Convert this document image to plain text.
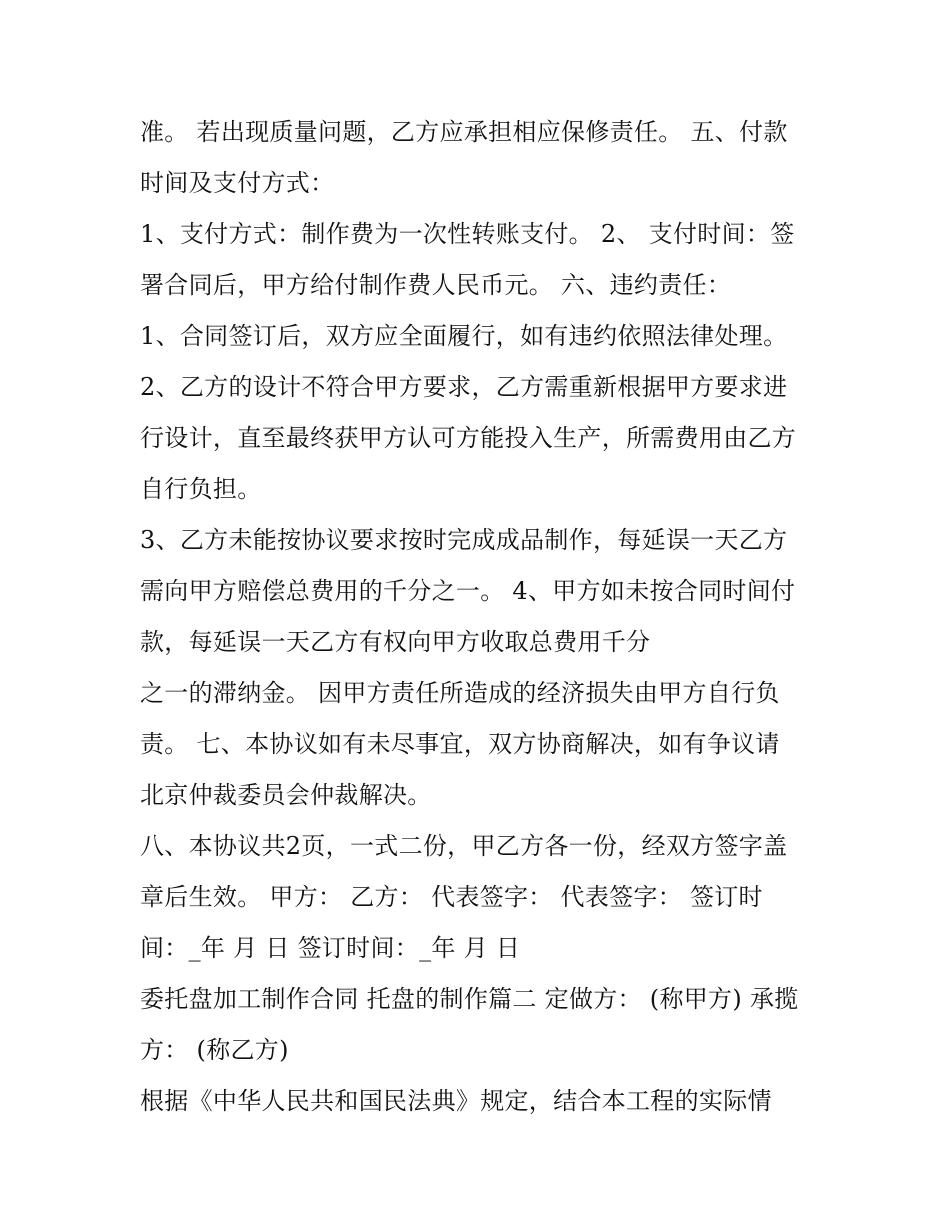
准。 若出现质量问题，乙方应承担相应保修责任。 五、付款
时间及支付方式：
1、支付方式：制作费为一次性转账支付。 2、 支付时间：签
署合同后，甲方给付制作费人民币元。 六、违约责任：
1、合同签订后，双方应全面履行，如有违约依照法律处理。
2、乙方的设计不符合甲方要求，乙方需重新根据甲方要求进
行设计，直至最终获甲方认可方能投入生产，所需费用由乙方
自行负担。
3、乙方未能按协议要求按时完成成品制作，每延误一天乙方
需向甲方赔偿总费用的千分之一。 4、甲方如未按合同时间付
款，每延误一天乙方有权向甲方收取总费用千分
之一的滞纳金。 因甲方责任所造成的经济损失由甲方自行负
责。 七、本协议如有未尽事宜，双方协商解决，如有争议请
北京仲裁委员会仲裁解决。
八、本协议共2页，一式二份，甲乙方各一份，经双方签字盖
章后生效。 甲方： 乙方： 代表签字： 代表签字： 签订时
间：_年 月 日 签订时间：_年 月 日
委托盘加工制作合同 托盘的制作篇二 定做方： (称甲方) 承揽
方： (称乙方)
根据《中华人民共和国民法典》规定，结合本工程的实际情
